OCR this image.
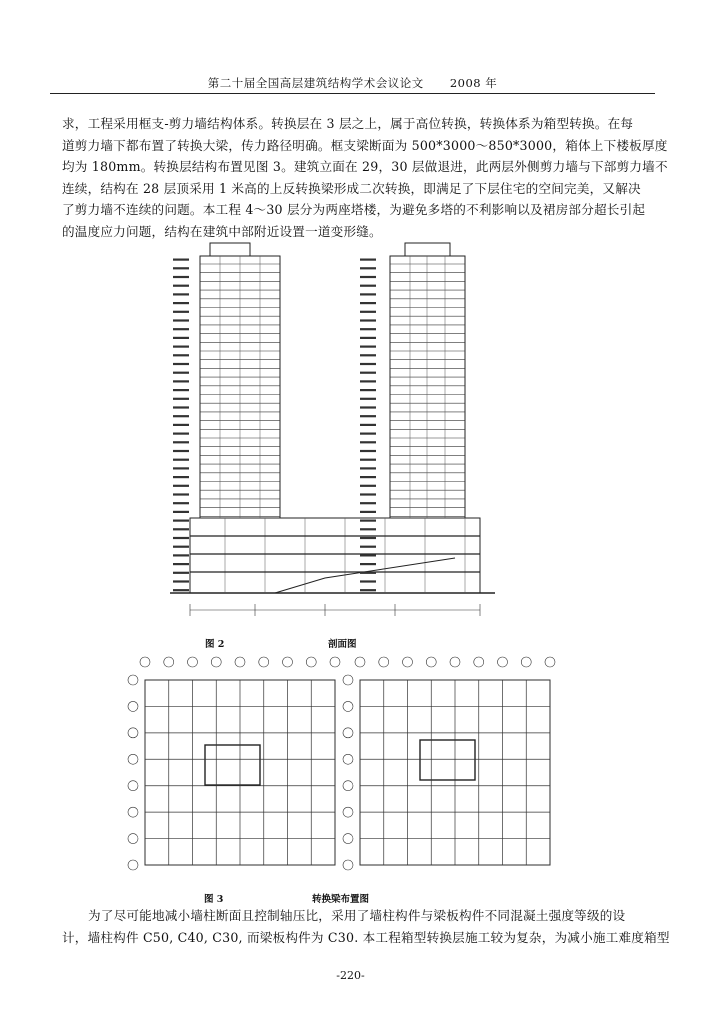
第二十届全国高层建筑结构学术会议论文 2008 年

求，工程采用框支-剪力墙结构体系。转换层在 3 层之上，属于高位转换，转换体系为箱型转换。在每

道剪力墙下都布置了转换大梁，传力路径明确。框支梁断面为 500*3000～850*3000，箱体上下楼板厚度

均为 180mm。转换层结构布置见图 3。建筑立面在 29，30 层做退进，此两层外侧剪力墙与下部剪力墙不

连续，结构在 28 层顶采用 1 米高的上反转换梁形成二次转换，即满足了下层住宅的空间完美，又解决

了剪力墙不连续的问题。本工程 4～30 层分为两座塔楼，为避免多塔的不利影响以及裙房部分超长引起

的温度应力问题，结构在建筑中部附近设置一道变形缝。

图 2	剖面图
图 3	转换梁布置图

为了尽可能地减小墙柱断面且控制轴压比，采用了墙柱构件与梁板构件不同混凝土强度等级的设

计，墙柱构件 C50, C40, C30, 而梁板构件为 C30. 本工程箱型转换层施工较为复杂，为减小施工难度箱型

-220-
